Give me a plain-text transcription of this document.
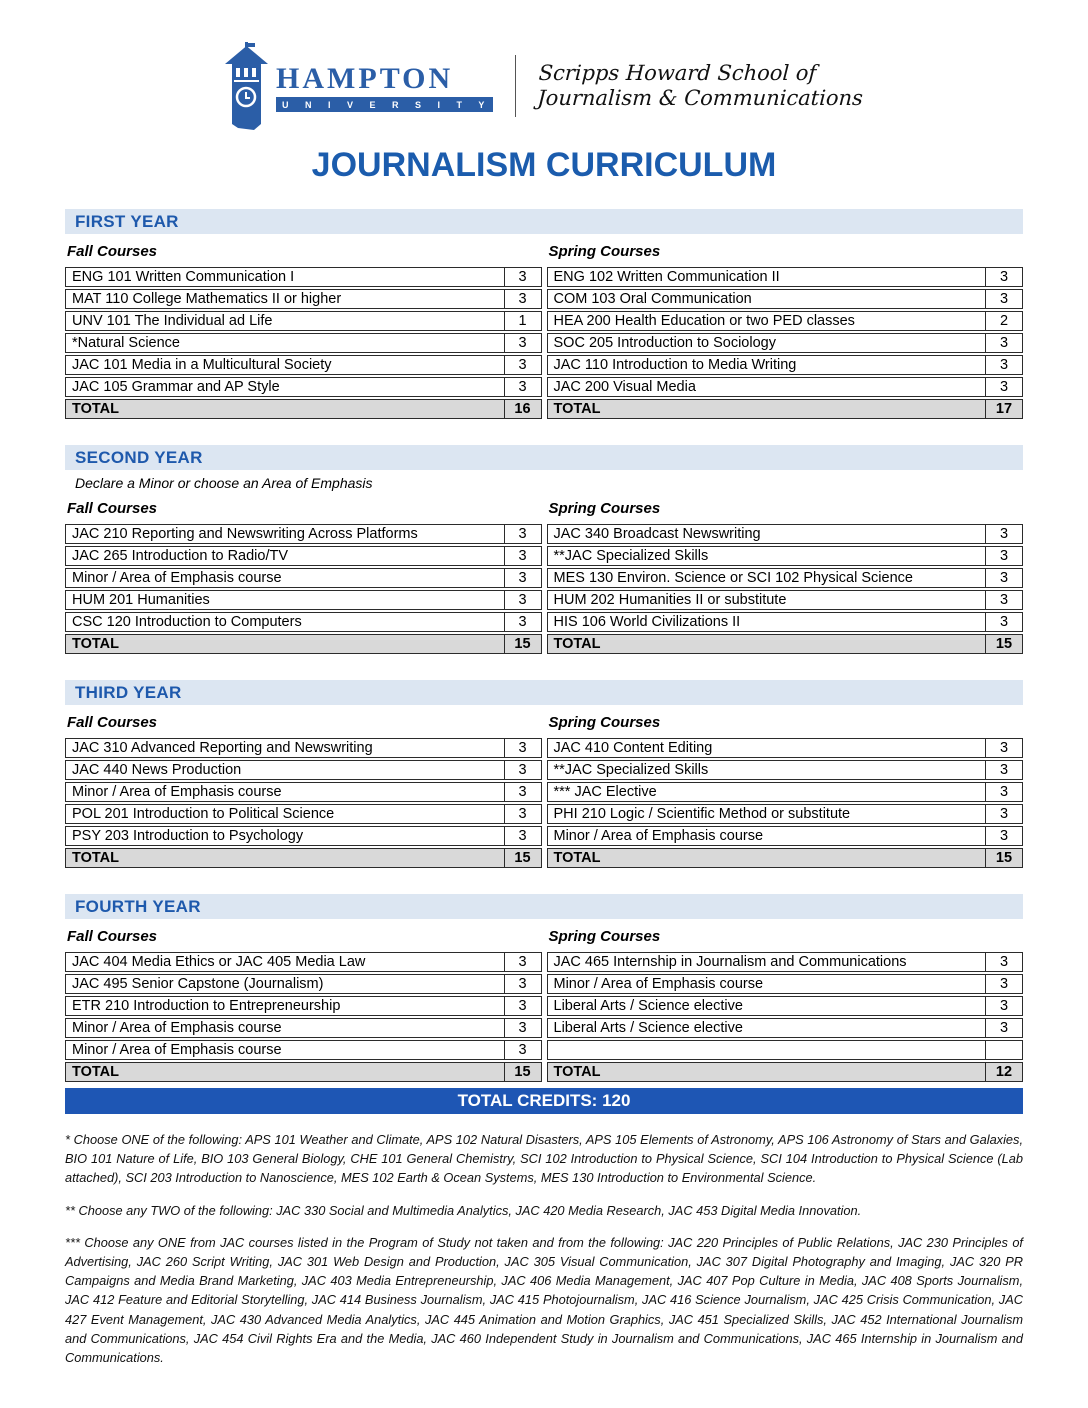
HAMPTON
U N I V E R S I T Y
Scripps Howard School of
Journalism & Communications
JOURNALISM CURRICULUM
FIRST YEAR
Fall Courses
ENG 101 Written Communication I	3
MAT 110 College Mathematics II or higher	3
UNV 101 The Individual ad Life	1
*Natural Science	3
JAC 101 Media in a Multicultural Society	3
JAC 105 Grammar and AP Style	3
TOTAL	16
Spring Courses
ENG 102 Written Communication II	3
COM 103 Oral Communication	3
HEA 200 Health Education or two PED classes	2
SOC 205 Introduction to Sociology	3
JAC 110 Introduction to Media Writing	3
JAC 200 Visual Media	3
TOTAL	17
SECOND YEAR
Declare a Minor or choose an Area of Emphasis
Fall Courses
JAC 210 Reporting and Newswriting Across Platforms	3
JAC 265 Introduction to Radio/TV	3
Minor / Area of Emphasis course	3
HUM 201 Humanities	3
CSC 120 Introduction to Computers	3
TOTAL	15
Spring Courses
JAC 340 Broadcast Newswriting	3
**JAC Specialized Skills	3
MES 130 Environ. Science or SCI 102 Physical Science	3
HUM 202 Humanities II or substitute	3
HIS 106 World Civilizations II	3
TOTAL	15
THIRD YEAR
Fall Courses
JAC 310 Advanced Reporting and Newswriting	3
JAC 440 News Production	3
Minor / Area of Emphasis course	3
POL 201 Introduction to Political Science	3
PSY 203 Introduction to Psychology	3
TOTAL	15
Spring Courses
JAC 410 Content Editing	3
**JAC Specialized Skills	3
*** JAC Elective	3
PHI 210 Logic / Scientific Method or substitute	3
Minor / Area of Emphasis course	3
TOTAL	15
FOURTH YEAR
Fall Courses
JAC 404 Media Ethics or JAC 405 Media Law	3
JAC 495 Senior Capstone (Journalism)	3
ETR 210 Introduction to Entrepreneurship	3
Minor / Area of Emphasis course	3
Minor / Area of Emphasis course	3
TOTAL	15
Spring Courses
JAC 465 Internship in Journalism and Communications	3
Minor / Area of Emphasis course	3
Liberal Arts / Science elective	3
Liberal Arts / Science elective	3
TOTAL	12
TOTAL CREDITS: 120

* Choose ONE of the following: APS 101 Weather and Climate, APS 102 Natural Disasters, APS 105 Elements of Astronomy, APS 106 Astronomy of Stars and Galaxies, BIO 101 Nature of Life, BIO 103 General Biology, CHE 101 General Chemistry, SCI 102 Introduction to Physical Science, SCI 104 Introduction to Physical Science (Lab attached), SCI 203 Introduction to Nanoscience, MES 102 Earth & Ocean Systems, MES 130 Introduction to Environmental Science.

** Choose any TWO of the following: JAC 330 Social and Multimedia Analytics, JAC 420 Media Research, JAC 453 Digital Media Innovation.

*** Choose any ONE from JAC courses listed in the Program of Study not taken and from the following: JAC 220 Principles of Public Relations, JAC 230 Principles of Advertising, JAC 260 Script Writing, JAC 301 Web Design and Production, JAC 305 Visual Communication, JAC 307 Digital Photography and Imaging, JAC 320 PR Campaigns and Media Brand Marketing, JAC 403 Media Entrepreneurship, JAC 406 Media Management, JAC 407 Pop Culture in Media, JAC 408 Sports Journalism, JAC 412 Feature and Editorial Storytelling, JAC 414 Business Journalism, JAC 415 Photojournalism, JAC 416 Science Journalism, JAC 425 Crisis Communication, JAC 427 Event Management, JAC 430 Advanced Media Analytics, JAC 445 Animation and Motion Graphics, JAC 451 Specialized Skills, JAC 452 International Journalism and Communications, JAC 454 Civil Rights Era and the Media, JAC 460 Independent Study in Journalism and Communications, JAC 465 Internship in Journalism and Communications.
